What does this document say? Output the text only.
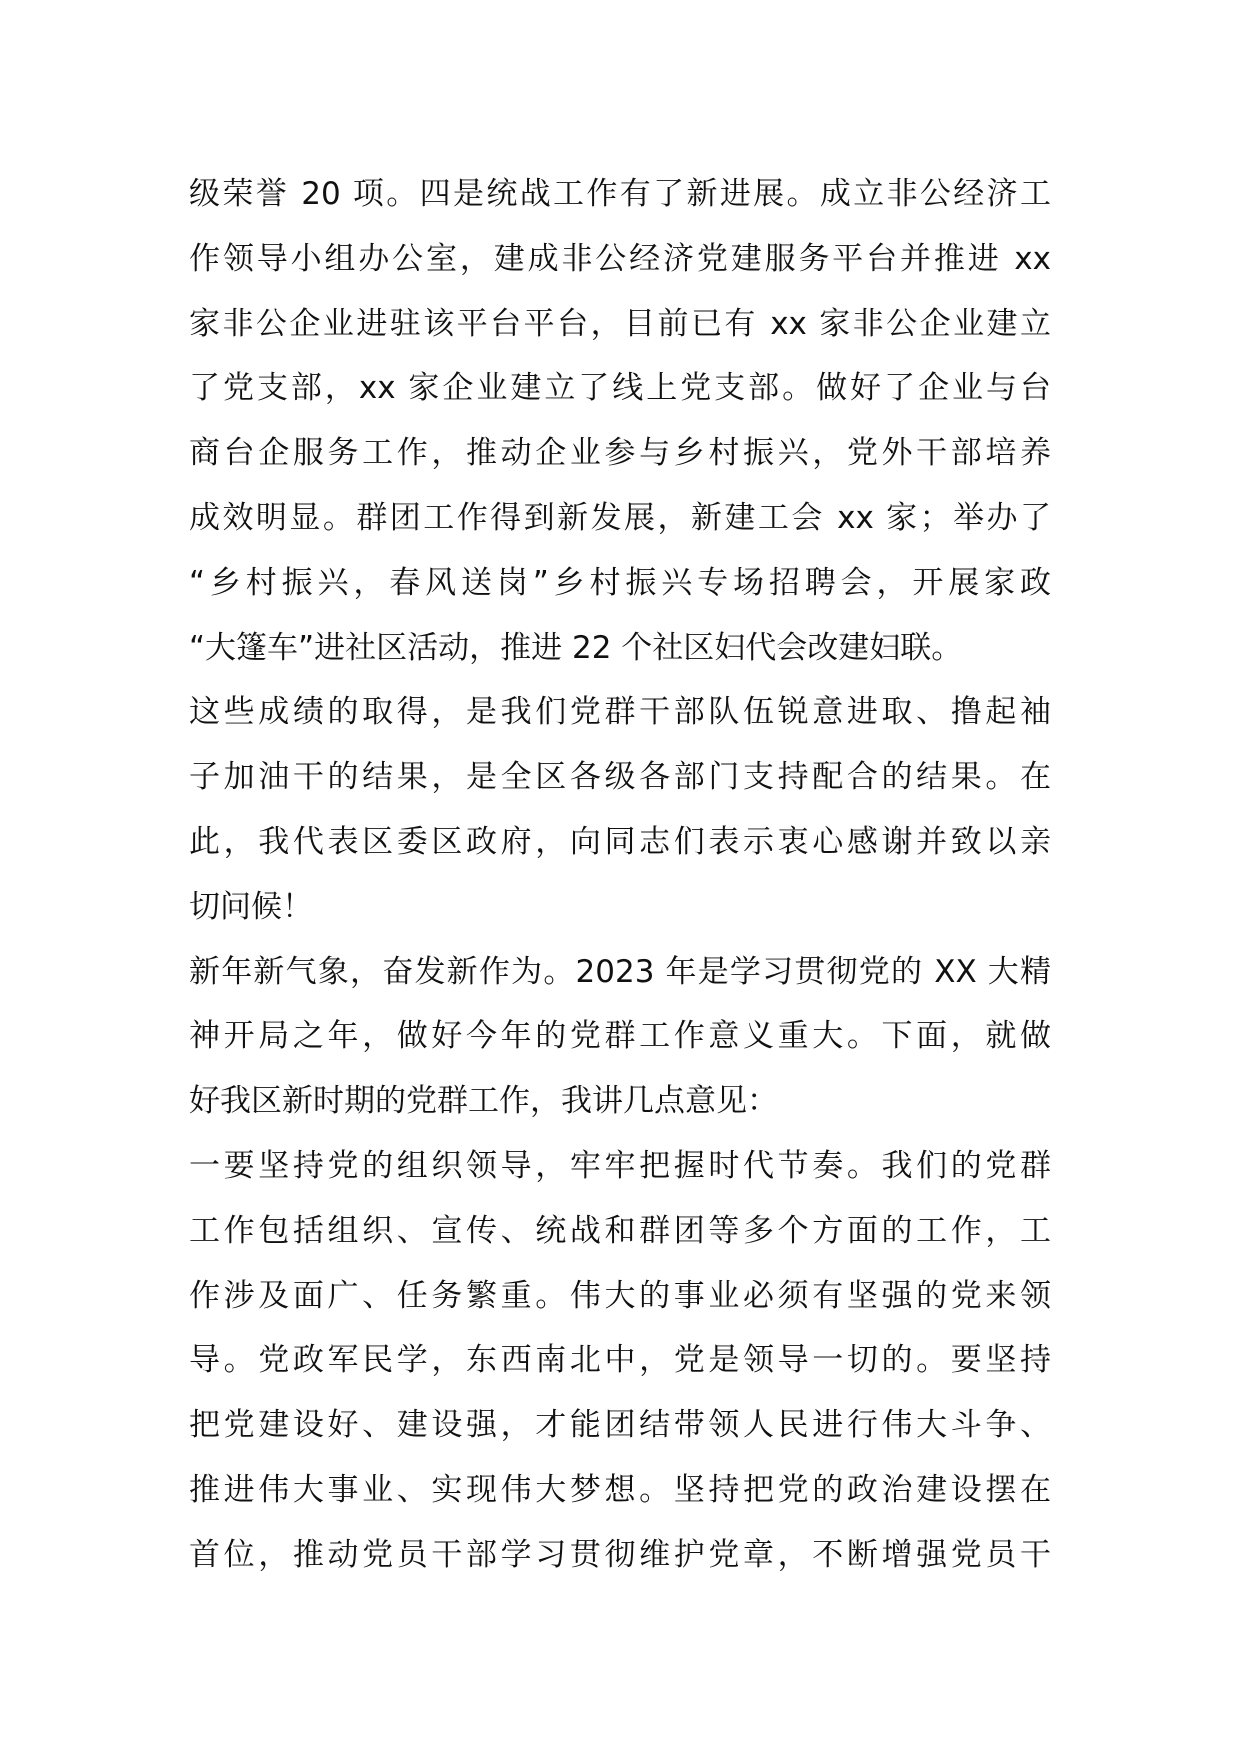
级荣誉 20 项。四是统战工作有了新进展。成立非公经济工
作领导小组办公室，建成非公经济党建服务平台并推进 xx
家非公企业进驻该平台平台，目前已有 xx 家非公企业建立
了党支部，xx 家企业建立了线上党支部。做好了企业与台
商台企服务工作，推动企业参与乡村振兴，党外干部培养
成效明显。群团工作得到新发展，新建工会 xx 家；举办了
“乡村振兴，春风送岗”乡村振兴专场招聘会，开展家政
“大篷车”进社区活动，推进 22 个社区妇代会改建妇联。
这些成绩的取得，是我们党群干部队伍锐意进取、撸起袖
子加油干的结果，是全区各级各部门支持配合的结果。在
此，我代表区委区政府，向同志们表示衷心感谢并致以亲
切问候！
新年新气象，奋发新作为。2023 年是学习贯彻党的 XX 大精
神开局之年，做好今年的党群工作意义重大。下面，就做
好我区新时期的党群工作，我讲几点意见：
一要坚持党的组织领导，牢牢把握时代节奏。我们的党群
工作包括组织、宣传、统战和群团等多个方面的工作，工
作涉及面广、任务繁重。伟大的事业必须有坚强的党来领
导。党政军民学，东西南北中，党是领导一切的。要坚持
把党建设好、建设强，才能团结带领人民进行伟大斗争、
推进伟大事业、实现伟大梦想。坚持把党的政治建设摆在
首位，推动党员干部学习贯彻维护党章，不断增强党员干
